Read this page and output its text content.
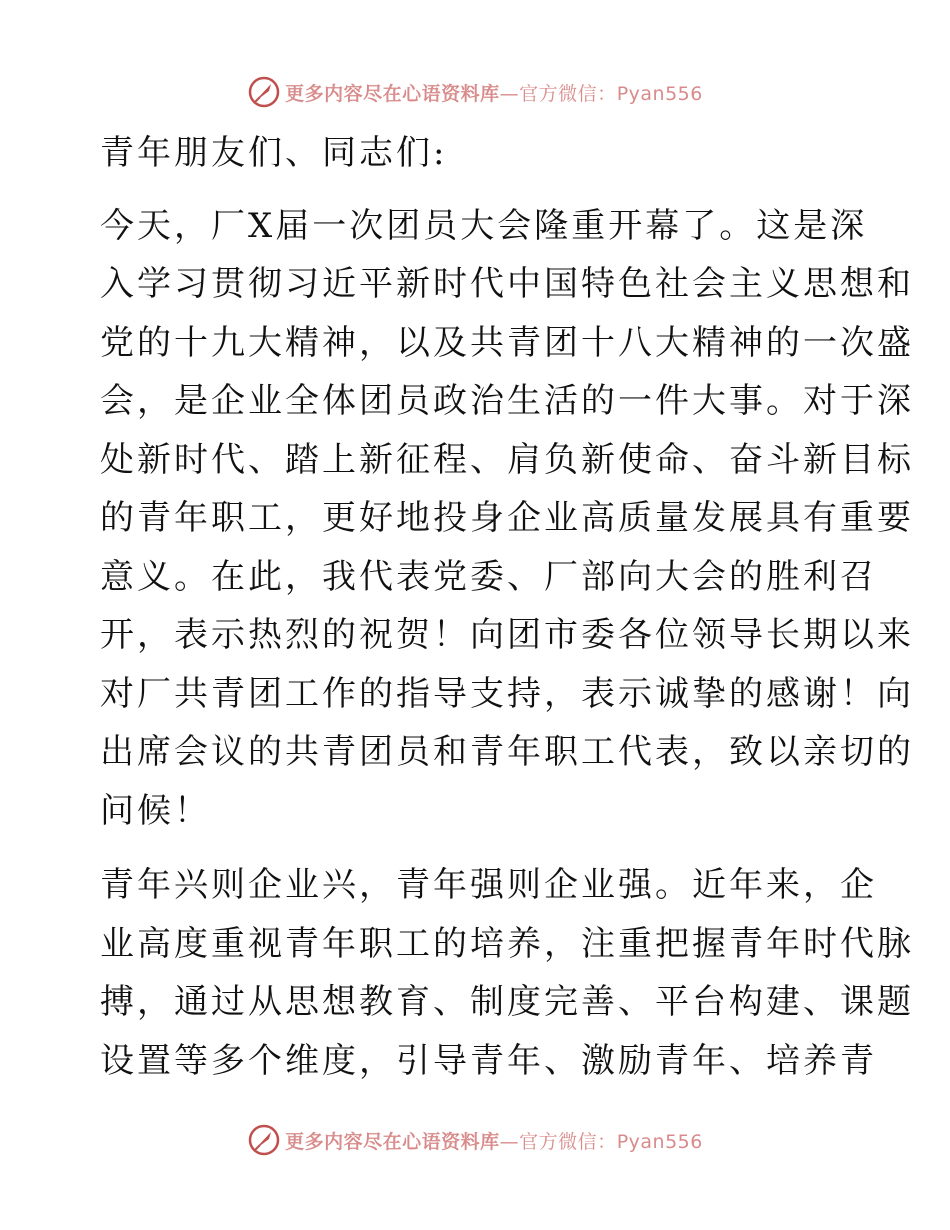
更多内容尽在心语资料库—官方微信：Pyan556

青年朋友们、同志们:

今天，厂X届一次团员大会隆重开幕了。这是深
入学习贯彻习近平新时代中国特色社会主义思想和
党的十九大精神，以及共青团十八大精神的一次盛
会，是企业全体团员政治生活的一件大事。对于深
处新时代、踏上新征程、肩负新使命、奋斗新目标
的青年职工，更好地投身企业高质量发展具有重要
意义。在此，我代表党委、厂部向大会的胜利召
开，表示热烈的祝贺！向团市委各位领导长期以来
对厂共青团工作的指导支持，表示诚挚的感谢！向
出席会议的共青团员和青年职工代表，致以亲切的
问候！

青年兴则企业兴，青年强则企业强。近年来，企
业高度重视青年职工的培养，注重把握青年时代脉
搏，通过从思想教育、制度完善、平台构建、课题
设置等多个维度，引导青年、激励青年、培养青

更多内容尽在心语资料库—官方微信：Pyan556
